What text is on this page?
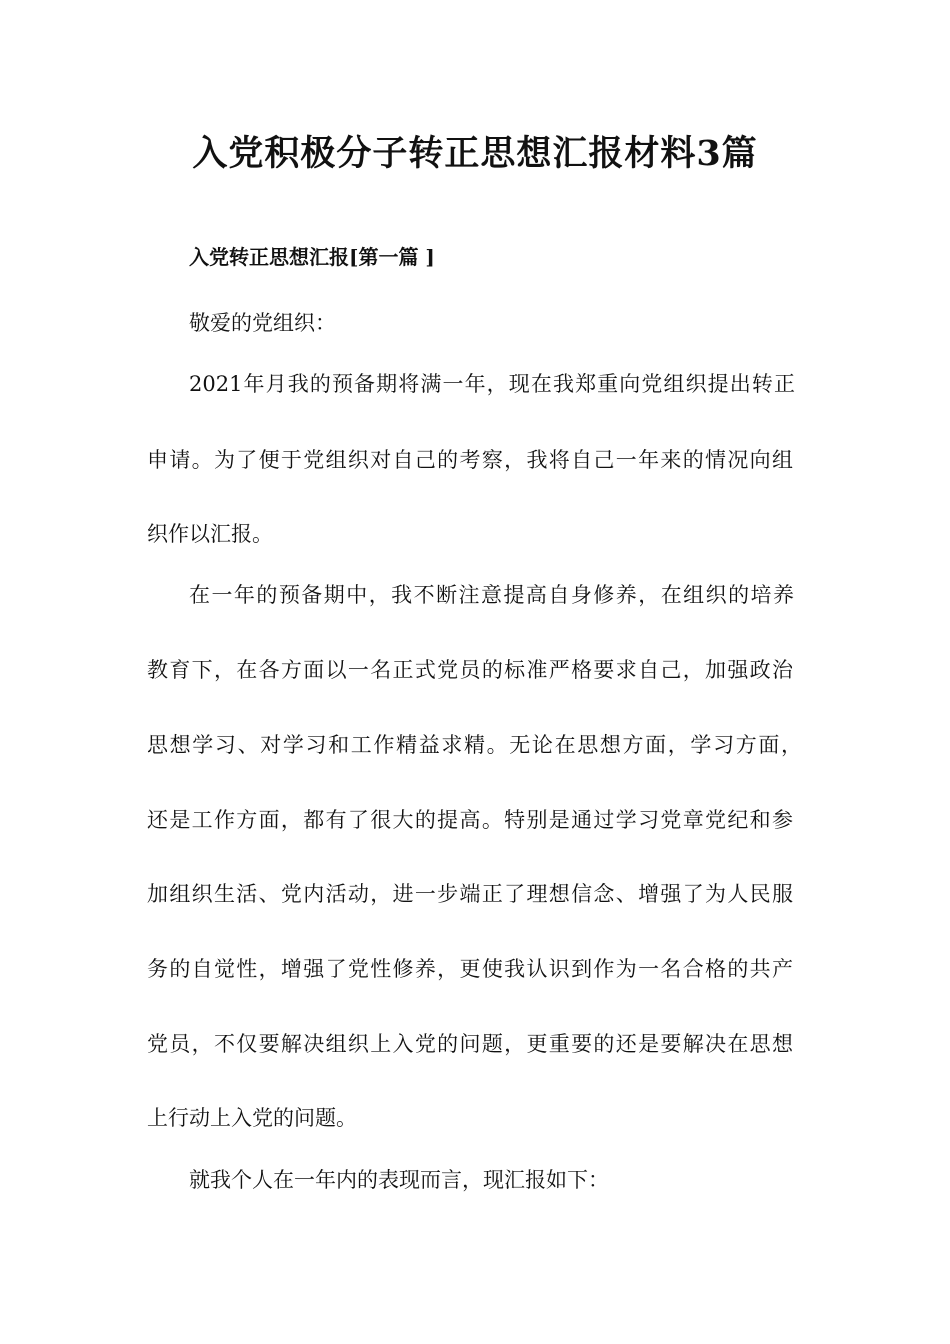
入党积极分子转正思想汇报材料3篇

入党转正思想汇报[第一篇 ]

敬爱的党组织：

2021年月我的预备期将满一年，现在我郑重向党组织提出转正

申请。为了便于党组织对自己的考察，我将自己一年来的情况向组

织作以汇报。

在一年的预备期中，我不断注意提高自身修养，在组织的培养

教育下，在各方面以一名正式党员的标准严格要求自己，加强政治

思想学习、对学习和工作精益求精。无论在思想方面，学习方面，

还是工作方面，都有了很大的提高。特别是通过学习党章党纪和参

加组织生活、党内活动，进一步端正了理想信念、增强了为人民服

务的自觉性，增强了党性修养，更使我认识到作为一名合格的共产

党员，不仅要解决组织上入党的问题，更重要的还是要解决在思想

上行动上入党的问题。

就我个人在一年内的表现而言，现汇报如下：
